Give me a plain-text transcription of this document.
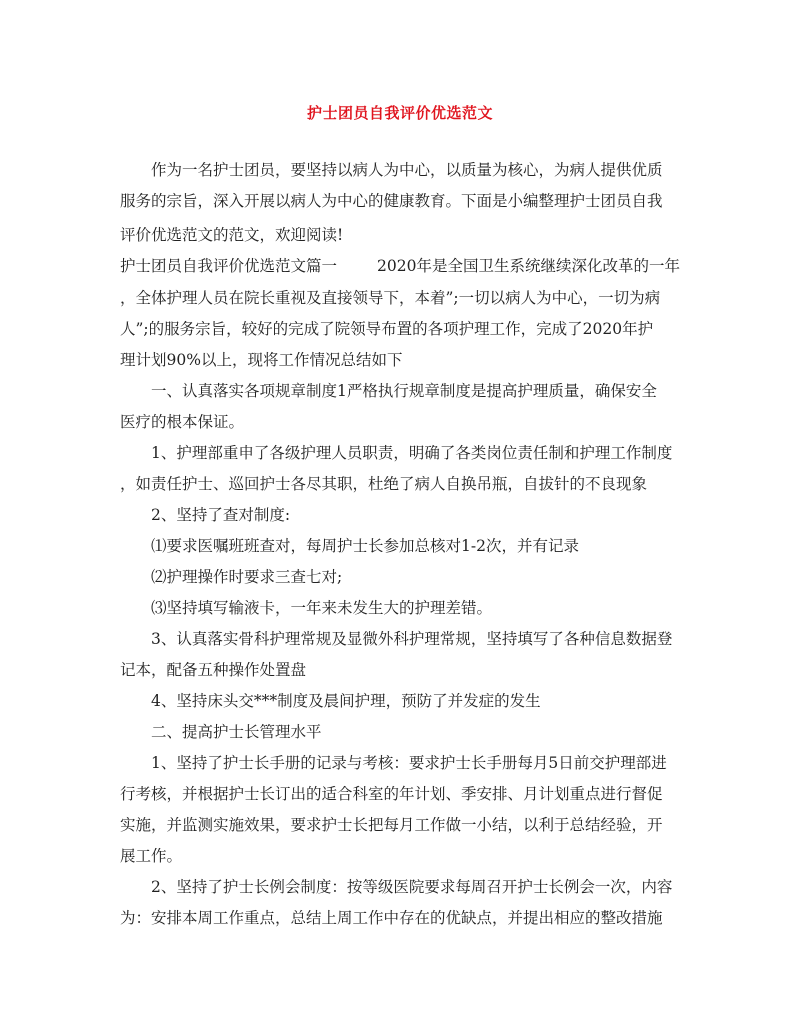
护士团员自我评价优选范文
作为一名护士团员，要坚持以病人为中心，以质量为核心，为病人提供优质
服务的宗旨，深入开展以病人为中心的健康教育。下面是小编整理护士团员自我
评价优选范文的范文，欢迎阅读!
护士团员自我评价优选范文篇一	2020年是全国卫生系统继续深化改革的一年
，全体护理人员在院长重视及直接领导下，本着”;一切以病人为中心，一切为病
人”;的服务宗旨，较好的完成了院领导布置的各项护理工作，完成了2020年护
理计划90%以上，现将工作情况总结如下
一、认真落实各项规章制度1严格执行规章制度是提高护理质量，确保安全
医疗的根本保证。
1、护理部重申了各级护理人员职责，明确了各类岗位责任制和护理工作制度
，如责任护士、巡回护士各尽其职，杜绝了病人自换吊瓶，自拔针的不良现象
2、坚持了查对制度:
⑴要求医嘱班班查对，每周护士长参加总核对1-2次，并有记录
⑵护理操作时要求三查七对;
⑶坚持填写输液卡，一年来未发生大的护理差错。
3、认真落实骨科护理常规及显微外科护理常规，坚持填写了各种信息数据登
记本，配备五种操作处置盘
4、坚持床头交***制度及晨间护理，预防了并发症的发生
二、提高护士长管理水平
1、坚持了护士长手册的记录与考核：要求护士长手册每月5日前交护理部进
行考核，并根据护士长订出的适合科室的年计划、季安排、月计划重点进行督促
实施，并监测实施效果，要求护士长把每月工作做一小结，以利于总结经验，开
展工作。
2、坚持了护士长例会制度：按等级医院要求每周召开护士长例会一次，内容
为：安排本周工作重点，总结上周工作中存在的优缺点，并提出相应的整改措施
